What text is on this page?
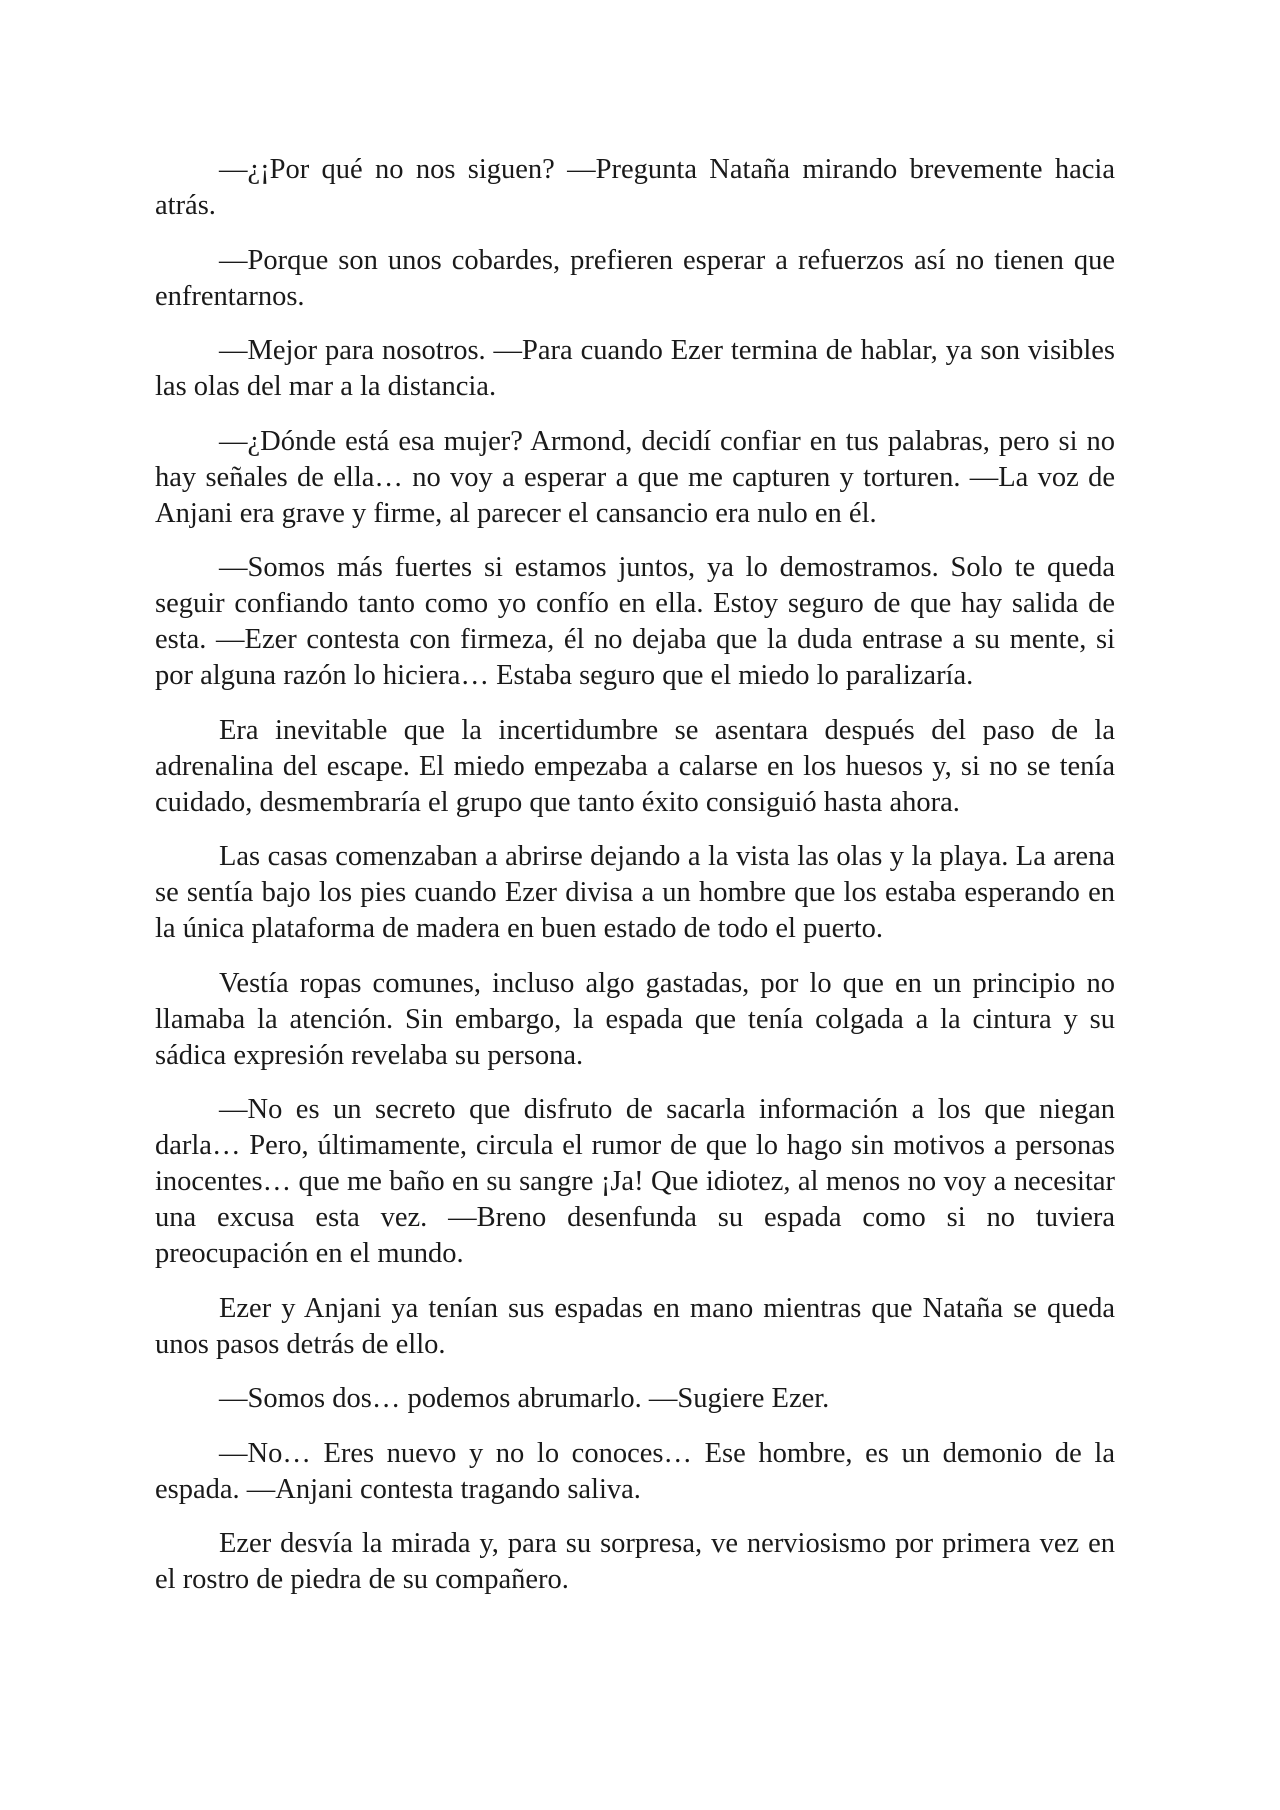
—¿¡Por qué no nos siguen? —Pregunta Nataña mirando brevemente hacia atrás.

—Porque son unos cobardes, prefieren esperar a refuerzos así no tienen que enfrentarnos.

—Mejor para nosotros. —Para cuando Ezer termina de hablar, ya son visibles las olas del mar a la distancia.

—¿Dónde está esa mujer? Armond, decidí confiar en tus palabras, pero si no hay señales de ella… no voy a esperar a que me capturen y torturen. —La voz de Anjani era grave y firme, al parecer el cansancio era nulo en él.

—Somos más fuertes si estamos juntos, ya lo demostramos. Solo te queda seguir confiando tanto como yo confío en ella. Estoy seguro de que hay salida de esta. —Ezer contesta con firmeza, él no dejaba que la duda entrase a su mente, si por alguna razón lo hiciera… Estaba seguro que el miedo lo paralizaría.

Era inevitable que la incertidumbre se asentara después del paso de la adrenalina del escape. El miedo empezaba a calarse en los huesos y, si no se tenía cuidado, desmembraría el grupo que tanto éxito consiguió hasta ahora.

Las casas comenzaban a abrirse dejando a la vista las olas y la playa. La arena se sentía bajo los pies cuando Ezer divisa a un hombre que los estaba esperando en la única plataforma de madera en buen estado de todo el puerto.

Vestía ropas comunes, incluso algo gastadas, por lo que en un principio no llamaba la atención. Sin embargo, la espada que tenía colgada a la cintura y su sádica expresión revelaba su persona.

—No es un secreto que disfruto de sacarla información a los que niegan darla… Pero, últimamente, circula el rumor de que lo hago sin motivos a personas inocentes… que me baño en su sangre ¡Ja! Que idiotez, al menos no voy a necesitar una excusa esta vez. —Breno desenfunda su espada como si no tuviera preocupación en el mundo.

Ezer y Anjani ya tenían sus espadas en mano mientras que Nataña se queda unos pasos detrás de ello.

—Somos dos… podemos abrumarlo. —Sugiere Ezer.

—No… Eres nuevo y no lo conoces… Ese hombre, es un demonio de la espada. —Anjani contesta tragando saliva.

Ezer desvía la mirada y, para su sorpresa, ve nerviosismo por primera vez en el rostro de piedra de su compañero.
